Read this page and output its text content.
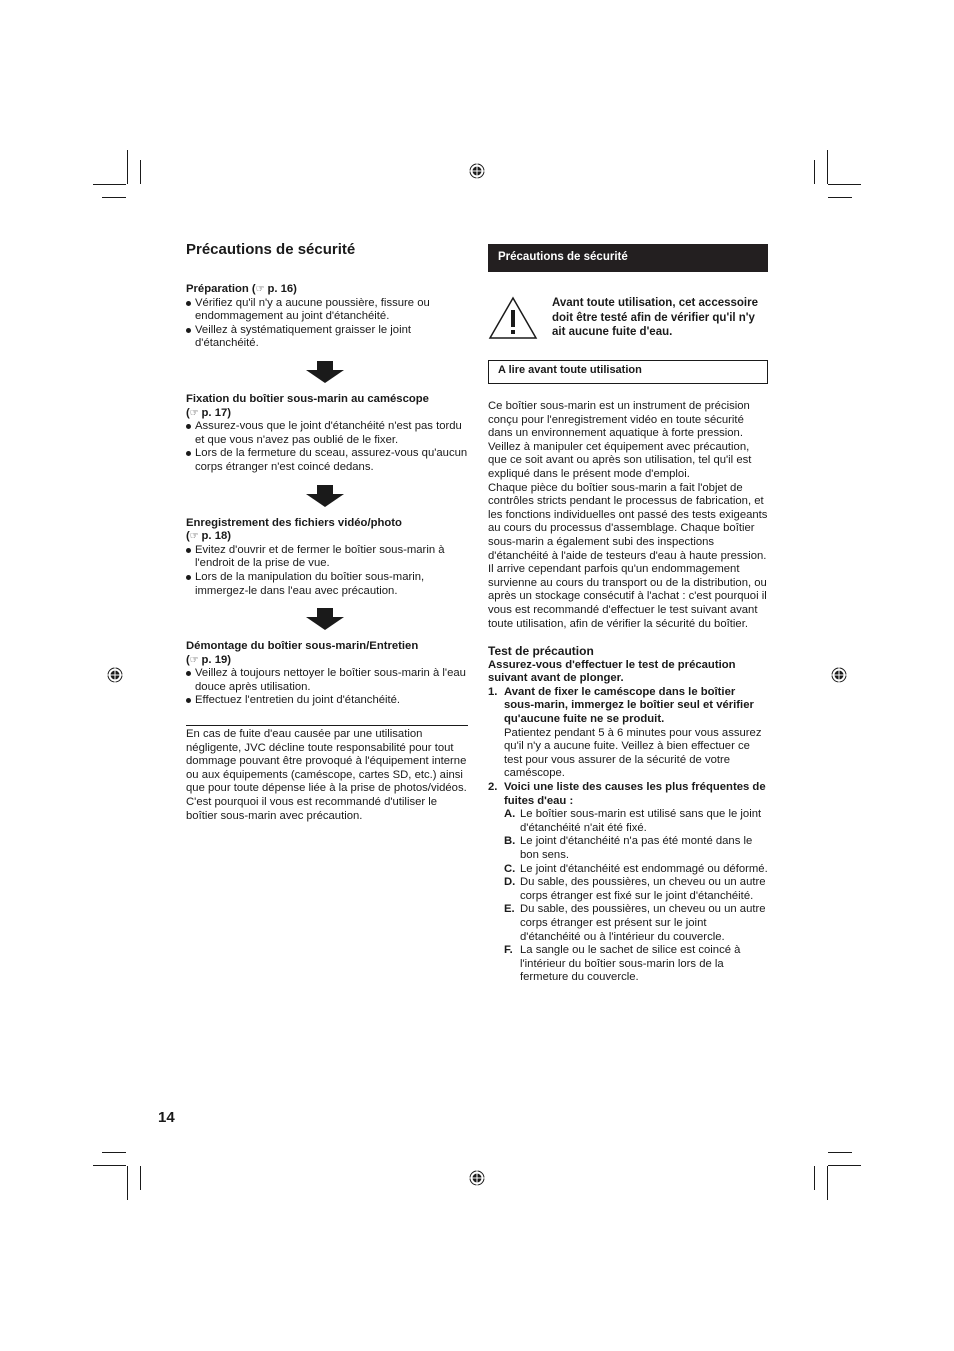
Précautions de sécurité

Préparation (☞ p. 16)

Vérifiez qu'il n'y a aucune poussière, fissure ou endommagement au joint d'étanchéité.

Veillez à systématiquement graisser le joint d'étanchéité.

Fixation du boîtier sous-marin au caméscope

(☞ p. 17)

Assurez-vous que le joint d'étanchéité n'est pas tordu et que vous n'avez pas oublié de le fixer.

Lors de la fermeture du sceau, assurez-vous qu'aucun corps étranger n'est coincé dedans.

Enregistrement des fichiers vidéo/photo

(☞ p. 18)

Evitez d'ouvrir et de fermer le boîtier sous-marin à l'endroit de la prise de vue.

Lors de la manipulation du boîtier sous-marin, immergez-le dans l'eau avec précaution.

Démontage du boîtier sous-marin/Entretien

(☞ p. 19)

Veillez à toujours nettoyer le boîtier sous-marin à l'eau douce après utilisation.

Effectuez l'entretien du joint d'étanchéité.

En cas de fuite d'eau causée par une utilisation négligente, JVC décline toute responsabilité pour tout dommage pouvant être provoqué à l'équipement interne ou aux équipements (caméscope, cartes SD, etc.) ainsi que pour toute dépense liée à la prise de photos/vidéos. C'est pourquoi il vous est recommandé d'utiliser le boîtier sous-marin avec précaution.

Précautions de sécurité
Avant toute utilisation, cet accessoire doit être testé afin de vérifier qu'il n'y ait aucune fuite d'eau.
A lire avant toute utilisation

Ce boîtier sous-marin est un instrument de précision conçu pour l'enregistrement vidéo en toute sécurité dans un environnement aquatique à forte pression. Veillez à manipuler cet équipement avec précaution, que ce soit avant ou après son utilisation, tel qu'il est expliqué dans le présent mode d'emploi.

Chaque pièce du boîtier sous-marin a fait l'objet de contrôles stricts pendant le processus de fabrication, et les fonctions individuelles ont passé des tests exigeants au cours du processus d'assemblage. Chaque boîtier sous-marin a également subi des inspections d'étanchéité à l'aide de testeurs d'eau à haute pression. Il arrive cependant parfois qu'un endommagement survienne au cours du transport ou de la distribution, ou après un stockage consécutif à l'achat : c'est pourquoi il vous est recommandé d'effectuer le test suivant avant toute utilisation, afin de vérifier la sécurité du boîtier.

Test de précaution

Assurez-vous d'effectuer le test de précaution suivant avant de plonger.

1. Avant de fixer le caméscope dans le boîtier sous-marin, immergez le boîtier seul et vérifier qu'aucune fuite ne se produit.

Patientez pendant 5 à 6 minutes pour vous assurez qu'il n'y a aucune fuite. Veillez à bien effectuer ce test pour vous assurer de la sécurité de votre caméscope.

2. Voici une liste des causes les plus fréquentes de fuites d'eau :

A. Le boîtier sous-marin est utilisé sans que le joint d'étanchéité n'ait été fixé.

B. Le joint d'étanchéité n'a pas été monté dans le bon sens.

C. Le joint d'étanchéité est endommagé ou déformé.

D. Du sable, des poussières, un cheveu ou un autre corps étranger est fixé sur le joint d'étanchéité.

E. Du sable, des poussières, un cheveu ou un autre corps étranger est présent sur le joint d'étanchéité ou à l'intérieur du couvercle.

F. La sangle ou le sachet de silice est coincé à l'intérieur du boîtier sous-marin lors de la fermeture du couvercle.

14
